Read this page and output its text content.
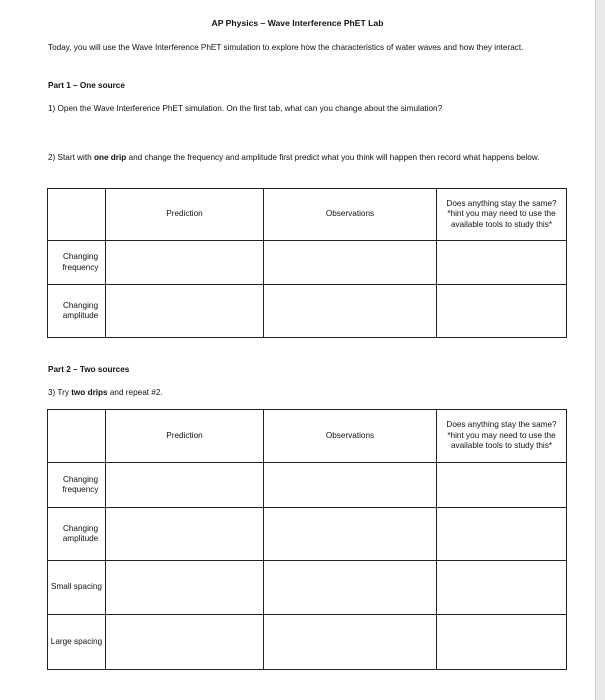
AP Physics – Wave Interference PhET Lab
Today, you will use the Wave Interference PhET simulation to explore how the characteristics of water waves and how they interact.
Part 1 – One source
1) Open the Wave Interference PhET simulation. On the first tab, what can you change about the simulation?
2) Start with one drip and change the frequency and amplitude first predict what you think will happen then record what happens below.
	Prediction	Observations	Does anything stay the same? *hint you may need to use the available tools to study this*
Changing frequency			
Changing amplitude			
Part 2 – Two sources
3) Try two drips and repeat #2.
	Prediction	Observations	Does anything stay the same? *hint you may need to use the available tools to study this*
Changing frequency			
Changing amplitude			
Small spacing			
Large spacing			
